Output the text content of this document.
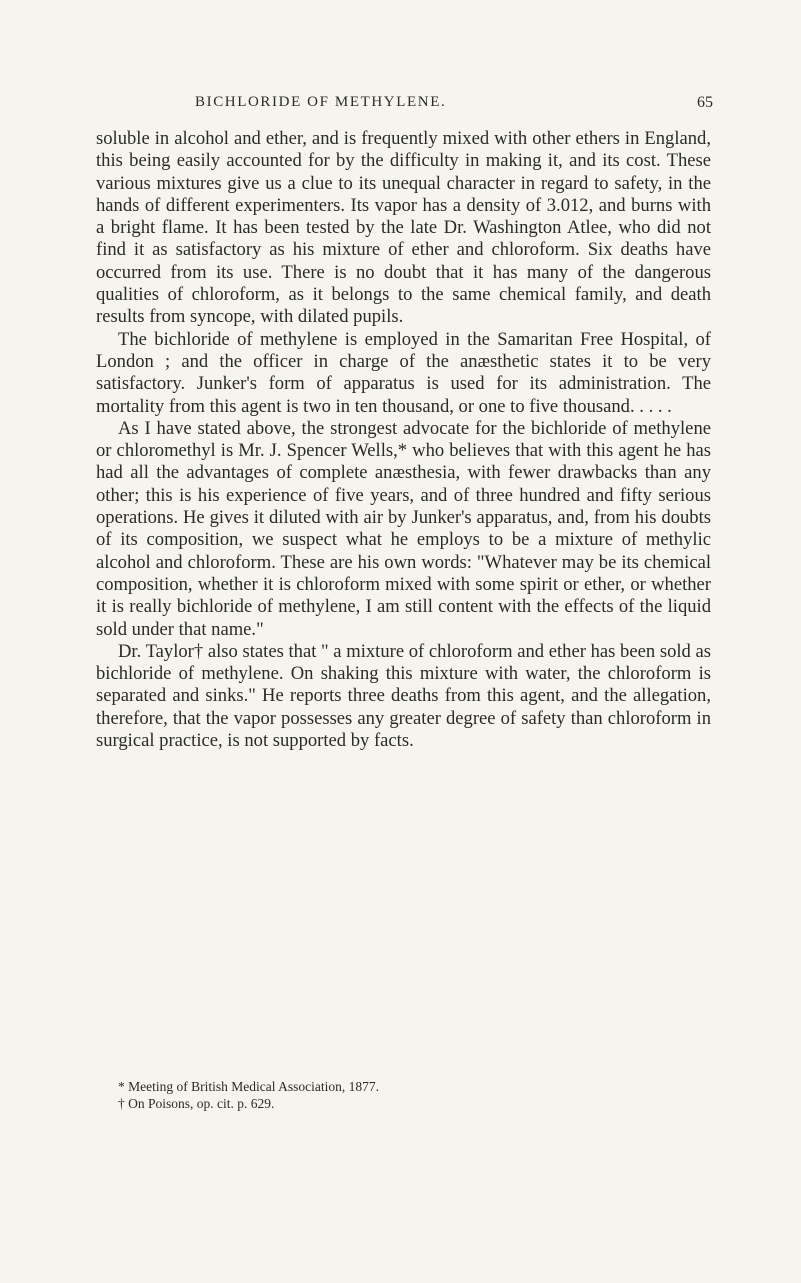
BICHLORIDE OF METHYLENE.	65

soluble in alcohol and ether, and is frequently mixed with other ethers in England, this being easily accounted for by the difficulty in making it, and its cost. These various mixtures give us a clue to its unequal character in regard to safety, in the hands of different experimenters. Its vapor has a density of 3.012, and burns with a bright flame. It has been tested by the late Dr. Washington Atlee, who did not find it as satisfactory as his mixture of ether and chloroform. Six deaths have occurred from its use. There is no doubt that it has many of the dangerous qualities of chloroform, as it belongs to the same chemical family, and death results from syncope, with dilated pupils.

The bichloride of methylene is employed in the Samaritan Free Hospital, of London ; and the officer in charge of the anæsthetic states it to be very satisfactory. Junker's form of apparatus is used for its administration. The mortality from this agent is two in ten thousand, or one to five thousand. . . . .

As I have stated above, the strongest advocate for the bichloride of methylene or chloromethyl is Mr. J. Spencer Wells,* who believes that with this agent he has had all the advantages of complete anæsthesia, with fewer drawbacks than any other; this is his experience of five years, and of three hundred and fifty serious operations. He gives it diluted with air by Junker's apparatus, and, from his doubts of its composition, we suspect what he employs to be a mixture of methylic alcohol and chloroform. These are his own words: "Whatever may be its chemical composition, whether it is chloroform mixed with some spirit or ether, or whether it is really bichloride of methylene, I am still content with the effects of the liquid sold under that name."

Dr. Taylor† also states that " a mixture of chloroform and ether has been sold as bichloride of methylene. On shaking this mixture with water, the chloroform is separated and sinks." He reports three deaths from this agent, and the allegation, therefore, that the vapor possesses any greater degree of safety than chloroform in surgical practice, is not supported by facts.

* Meeting of British Medical Association, 1877.
† On Poisons, op. cit. p. 629.
